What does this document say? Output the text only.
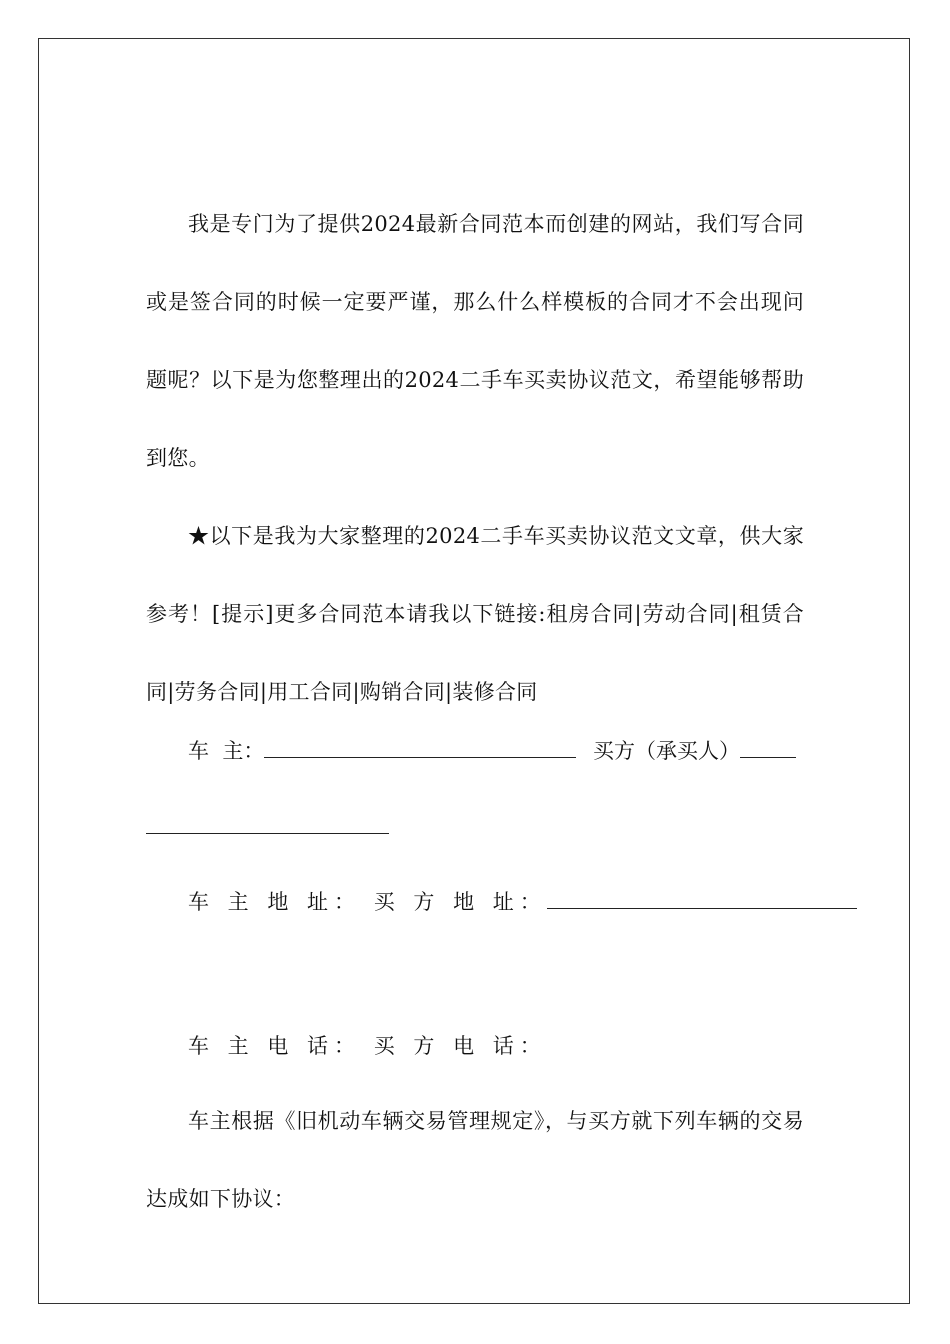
我是专门为了提供2024最新合同范本而创建的网站，我们写合同或是签合同的时候一定要严谨，那么什么样模板的合同才不会出现问题呢？以下是为您整理出的2024二手车买卖协议范文，希望能够帮助到您。

★以下是我为大家整理的2024二手车买卖协议范文文章，供大家参考！[提示]更多合同范本请我以下链接:租房合同|劳动合同|租赁合同|劳务合同|用工合同|购销合同|装修合同

车  主：	买方（承买人）
车 主 地 址： 买 方 地 址：
车 主 电 话： 买 方 电 话：

车主根据《旧机动车辆交易管理规定》，与买方就下列车辆的交易达成如下协议：
